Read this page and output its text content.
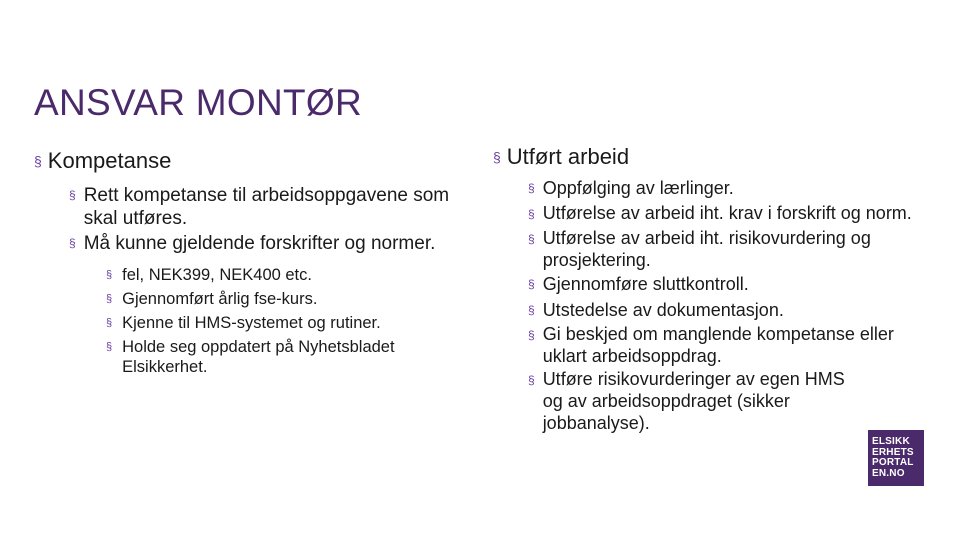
ANSVAR MONTØR
§ Kompetanse
§ Rett kompetanse til arbeidsoppgavene som skal utføres.
§ Må kunne gjeldende forskrifter og normer.
§ fel, NEK399, NEK400 etc.
§ Gjennomført årlig fse-kurs.
§ Kjenne til HMS-systemet og rutiner.
§ Holde seg oppdatert på Nyhetsbladet Elsikkerhet.
§ Utført arbeid
§ Oppfølging av lærlinger.
§ Utførelse av arbeid iht. krav i forskrift og norm.
§ Utførelse av arbeid iht. risikovurdering og prosjektering.
§ Gjennomføre sluttkontroll.
§ Utstedelse av dokumentasjon.
§ Gi beskjed om manglende kompetanse eller uklart arbeidsoppdrag.
§ Utføre risikovurderinger av egen HMS og av arbeidsoppdraget (sikker jobbanalyse).
ELSIKK
ERHETS
PORTAL
EN.NO
